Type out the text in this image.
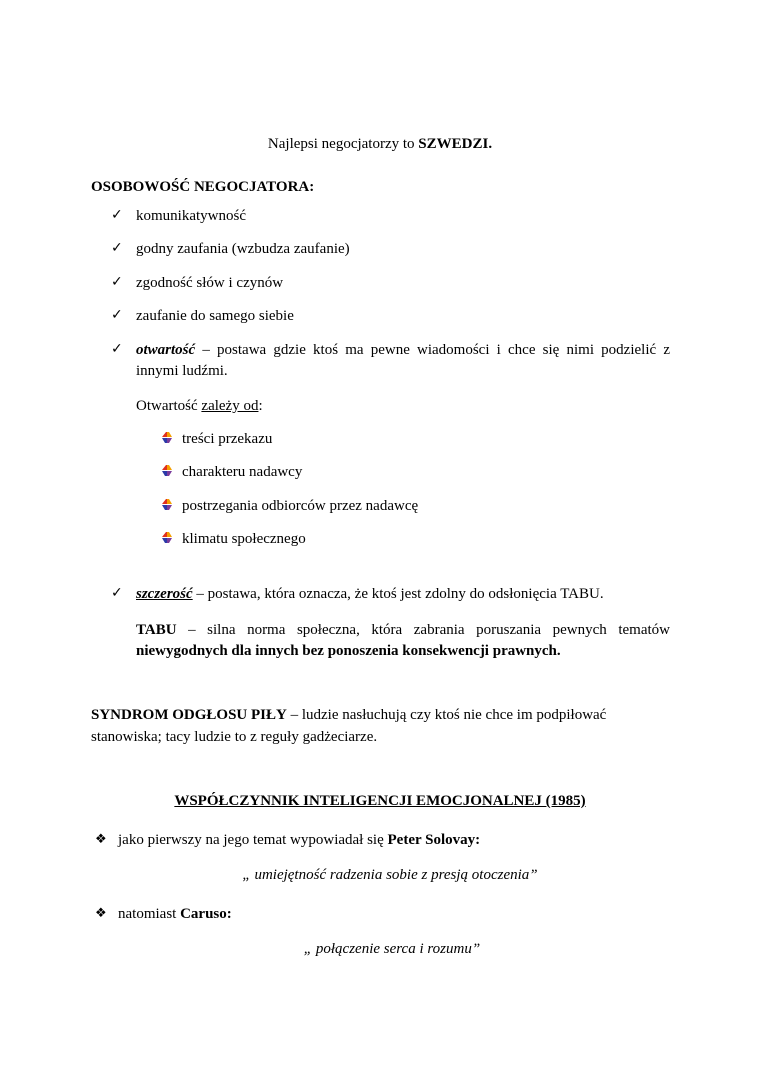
Najlepsi negocjatorzy to SZWEDZI.
OSOBOWOŚĆ NEGOCJATORA:
✓ komunikatywność
✓ godny zaufania (wzbudza zaufanie)
✓ zgodność słów i czynów
✓ zaufanie do samego siebie
✓ otwartość – postawa gdzie ktoś ma pewne wiadomości i chce się nimi podzielić z
innymi ludźmi.
Otwartość zależy od:
treści przekazu
charakteru nadawcy
postrzegania odbiorców przez nadawcę
klimatu społecznego
✓ szczerość – postawa, która oznacza, że ktoś jest zdolny do odsłonięcia TABU.
TABU – silna norma społeczna, która zabrania poruszania pewnych tematów
niewygodnych dla innych bez ponoszenia konsekwencji prawnych.
SYNDROM ODGŁOSU PIŁY – ludzie nasłuchują czy ktoś nie chce im podpiłować
stanowiska; tacy ludzie to z reguły gadżeciarze.
WSPÓŁCZYNNIK INTELIGENCJI EMOCJONALNEJ (1985)
❖ jako pierwszy na jego temat wypowiadał się Peter Solovay:
„ umiejętność radzenia sobie z presją otoczenia”
❖ natomiast Caruso:
„ połączenie serca i rozumu”
